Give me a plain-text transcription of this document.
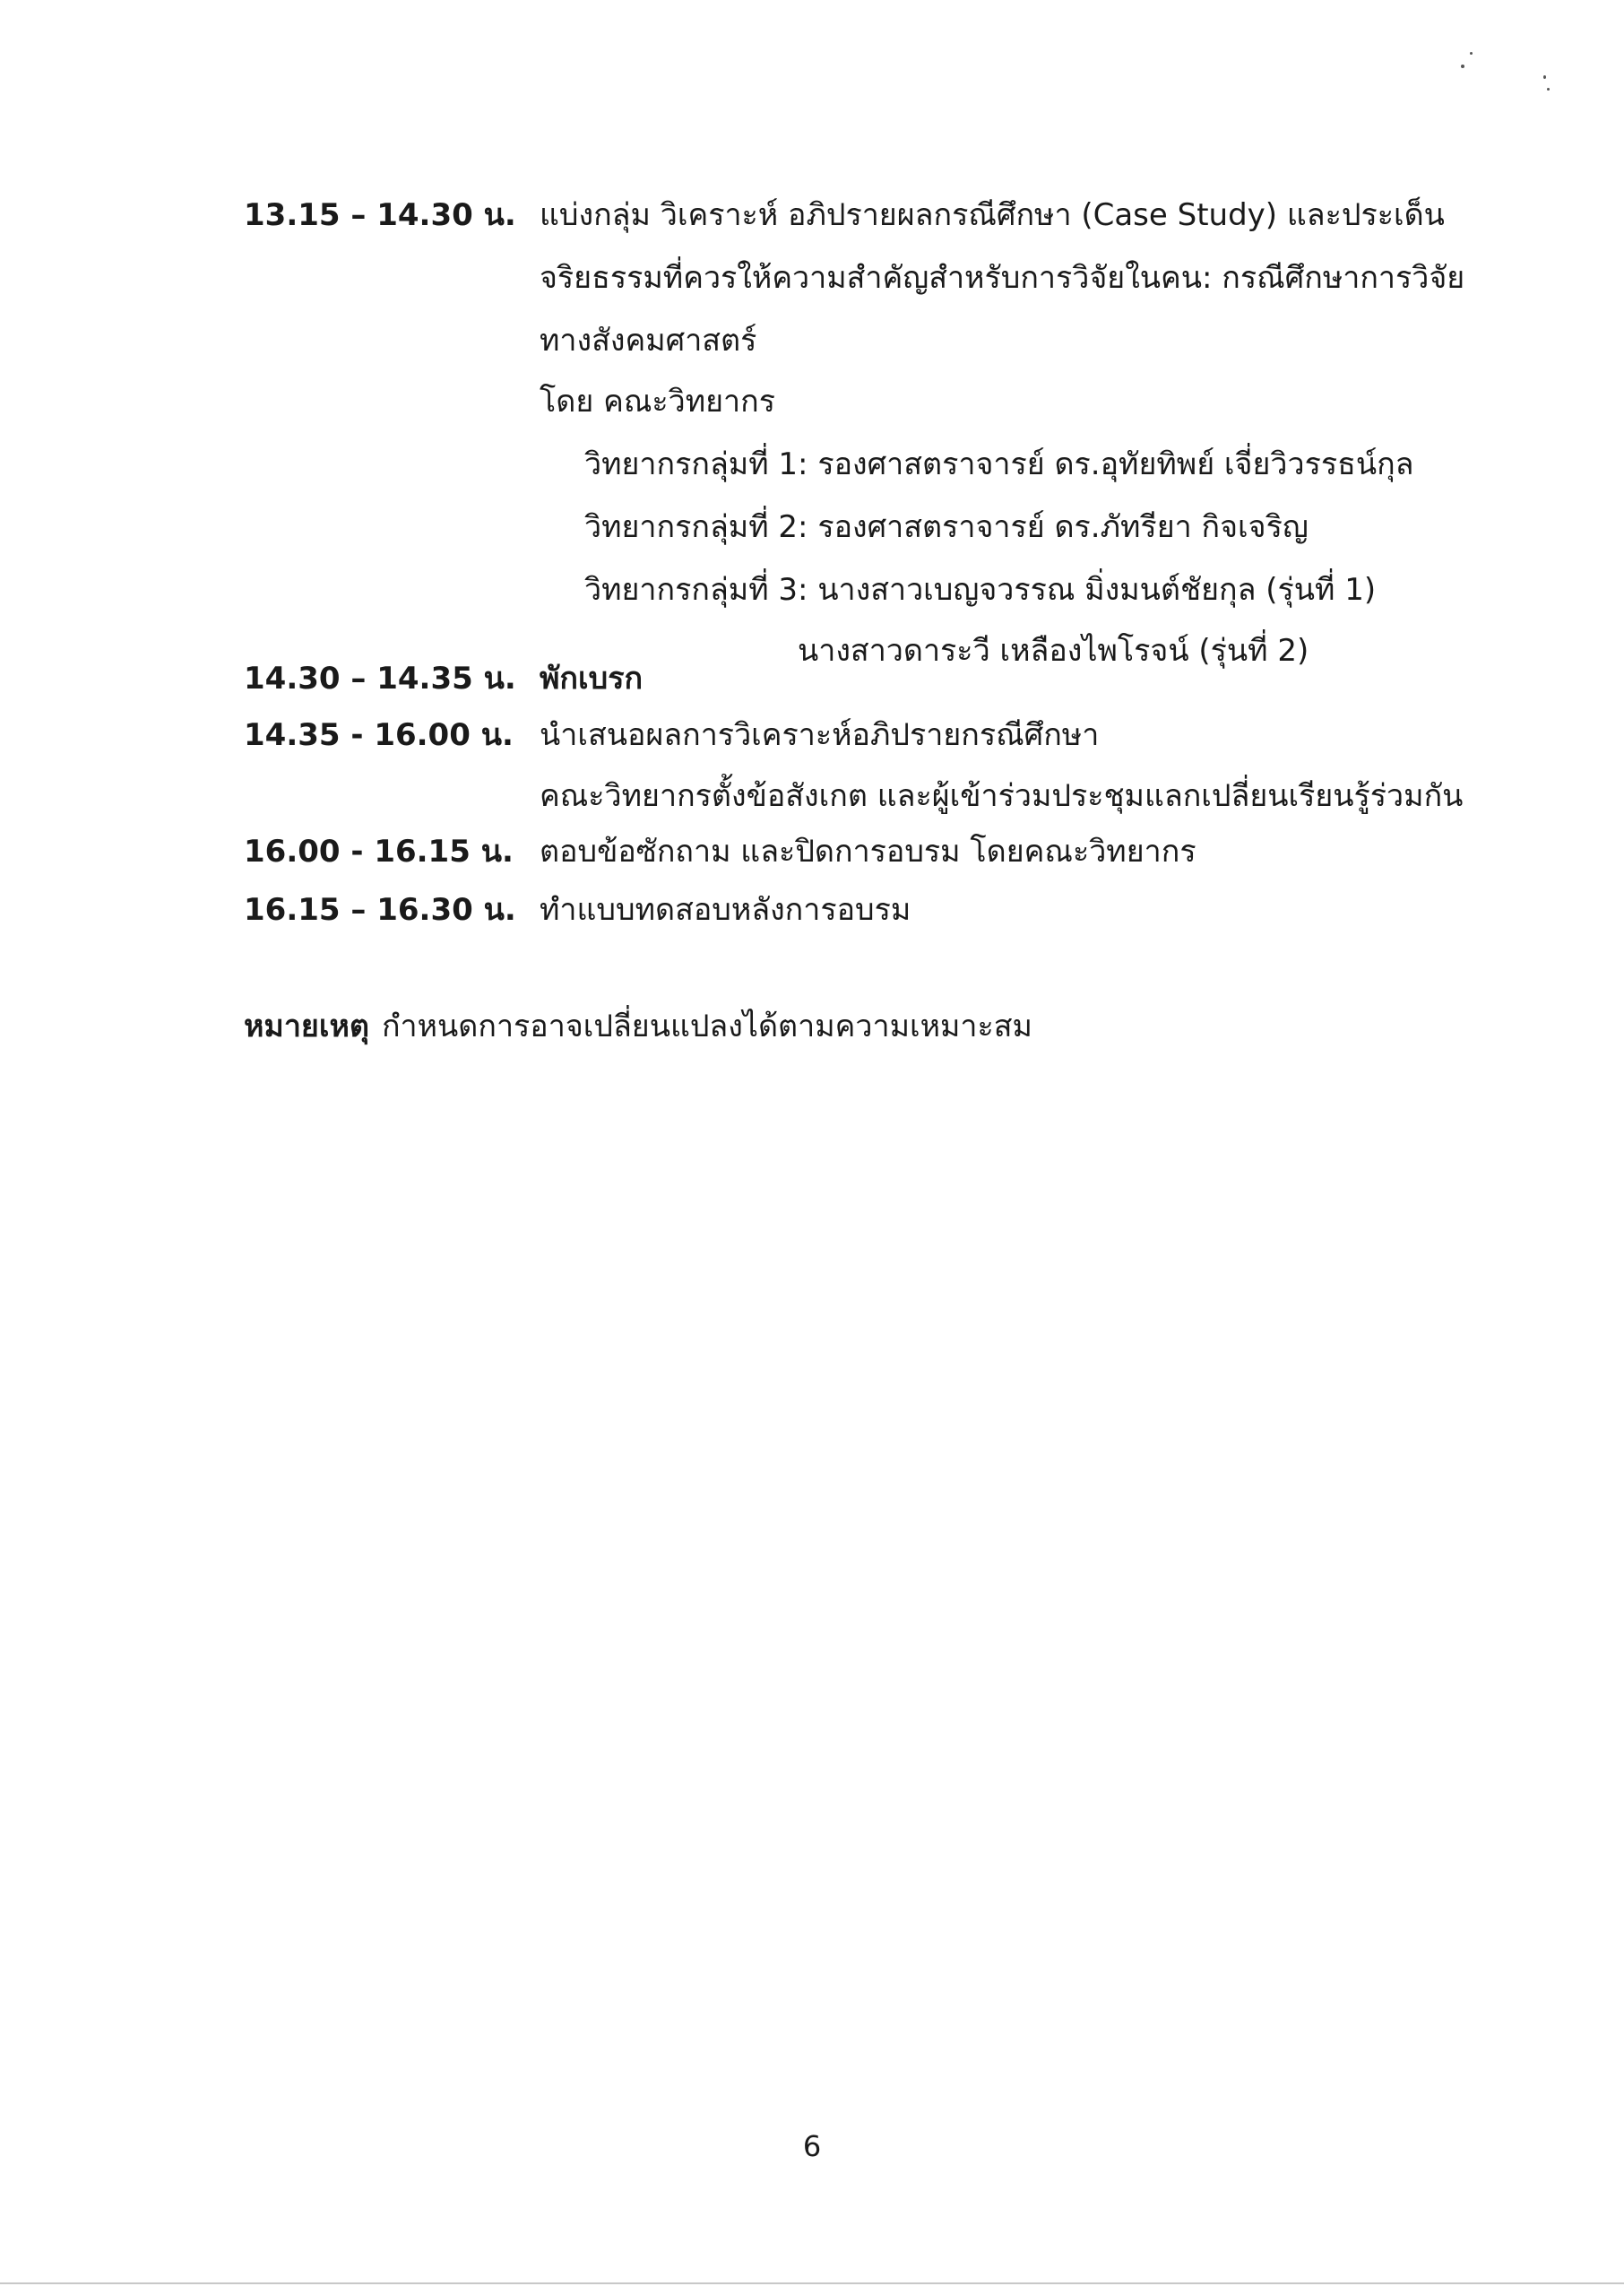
13.15 – 14.30 น. แบ่งกลุ่ม วิเคราะห์ อภิปรายผลกรณีศึกษา (Case Study) และประเด็น
จริยธรรมที่ควรให้ความสำคัญสำหรับการวิจัยในคน: กรณีศึกษาการวิจัย
ทางสังคมศาสตร์
โดย คณะวิทยากร
วิทยากรกลุ่มที่ 1: รองศาสตราจารย์ ดร.อุทัยทิพย์ เจี่ยวิวรรธน์กุล
วิทยากรกลุ่มที่ 2: รองศาสตราจารย์ ดร.ภัทรียา กิจเจริญ
วิทยากรกลุ่มที่ 3: นางสาวเบญจวรรณ มิ่งมนต์ชัยกุล (รุ่นที่ 1)
นางสาวดาระวี เหลืองไพโรจน์ (รุ่นที่ 2)
14.30 – 14.35 น. พักเบรก
14.35 - 16.00 น. นำเสนอผลการวิเคราะห์อภิปรายกรณีศึกษา
คณะวิทยากรตั้งข้อสังเกต และผู้เข้าร่วมประชุมแลกเปลี่ยนเรียนรู้ร่วมกัน
16.00 - 16.15 น. ตอบข้อซักถาม และปิดการอบรม โดยคณะวิทยากร
16.15 – 16.30 น. ทำแบบทดสอบหลังการอบรม
หมายเหตุ กำหนดการอาจเปลี่ยนแปลงได้ตามความเหมาะสม
6
